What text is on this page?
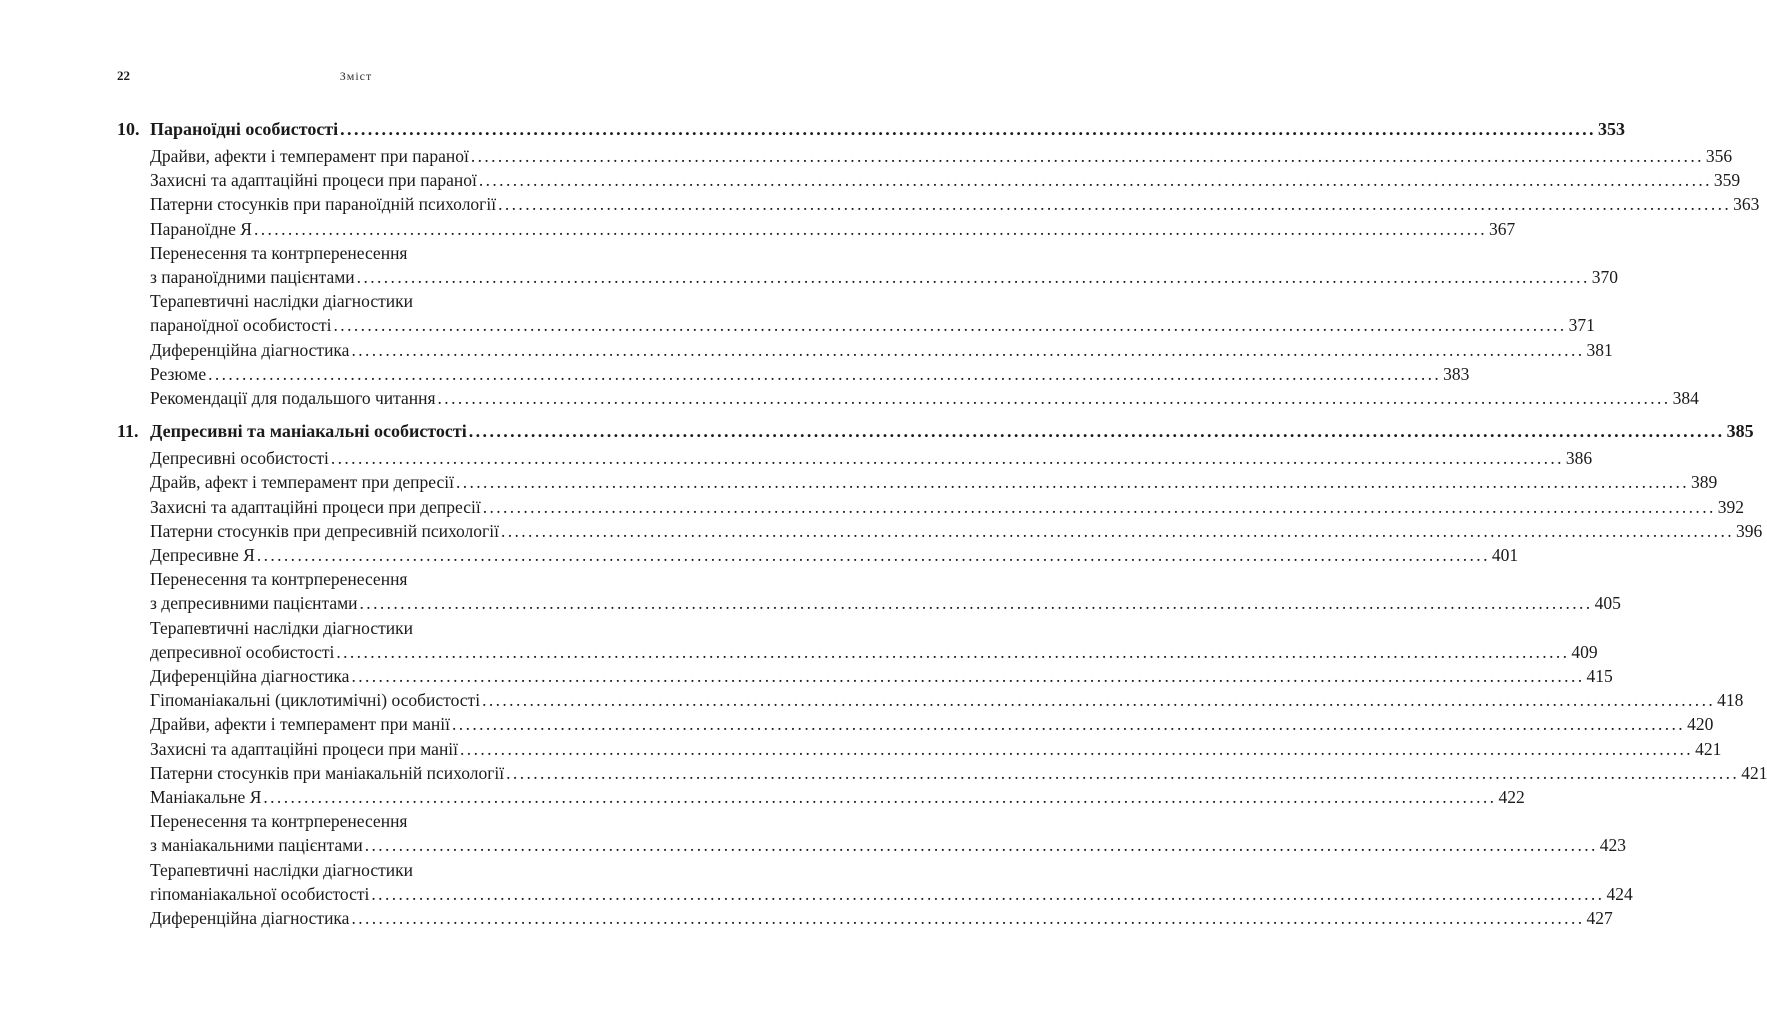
22	Зміст
10. Параноїдні особистості .....	353
Драйви, афекти і темперамент при параноï .....	356
Захисні та адаптаційні процеси при параноï .....	359
Патерни стосунків при параноїдній психології .....	363
Параноїдне Я .....	367
Перенесення та контрперенесення
з параноїдними пацієнтами .....	370
Терапевтичні наслідки діагностики
параноїдної особистості .....	371
Диференційна діагностика .....	381
Резюме .....	383
Рекомендації для подальшого читання .....	384
11. Депресивні та маніакальні особистості .....	385
Депресивні особистості .....	386
Драйв, афект і темперамент при депресії .....	389
Захисні та адаптаційні процеси при депресії .....	392
Патерни стосунків при депресивній психології .....	396
Депресивне Я .....	401
Перенесення та контрперенесення
з депресивними пацієнтами .....	405
Терапевтичні наслідки діагностики
депресивної особистості .....	409
Диференційна діагностика .....	415
Гіпоманіакальні (циклотимічні) особистості .....	418
Драйви, афекти і темперамент при манії .....	420
Захисні та адаптаційні процеси при манії .....	421
Патерни стосунків при маніакальній психології .....	421
Маніакальне Я .....	422
Перенесення та контрперенесення
з маніакальними пацієнтами .....	423
Терапевтичні наслідки діагностики
гіпоманіакальної особистості .....	424
Диференційна діагностика .....	427
